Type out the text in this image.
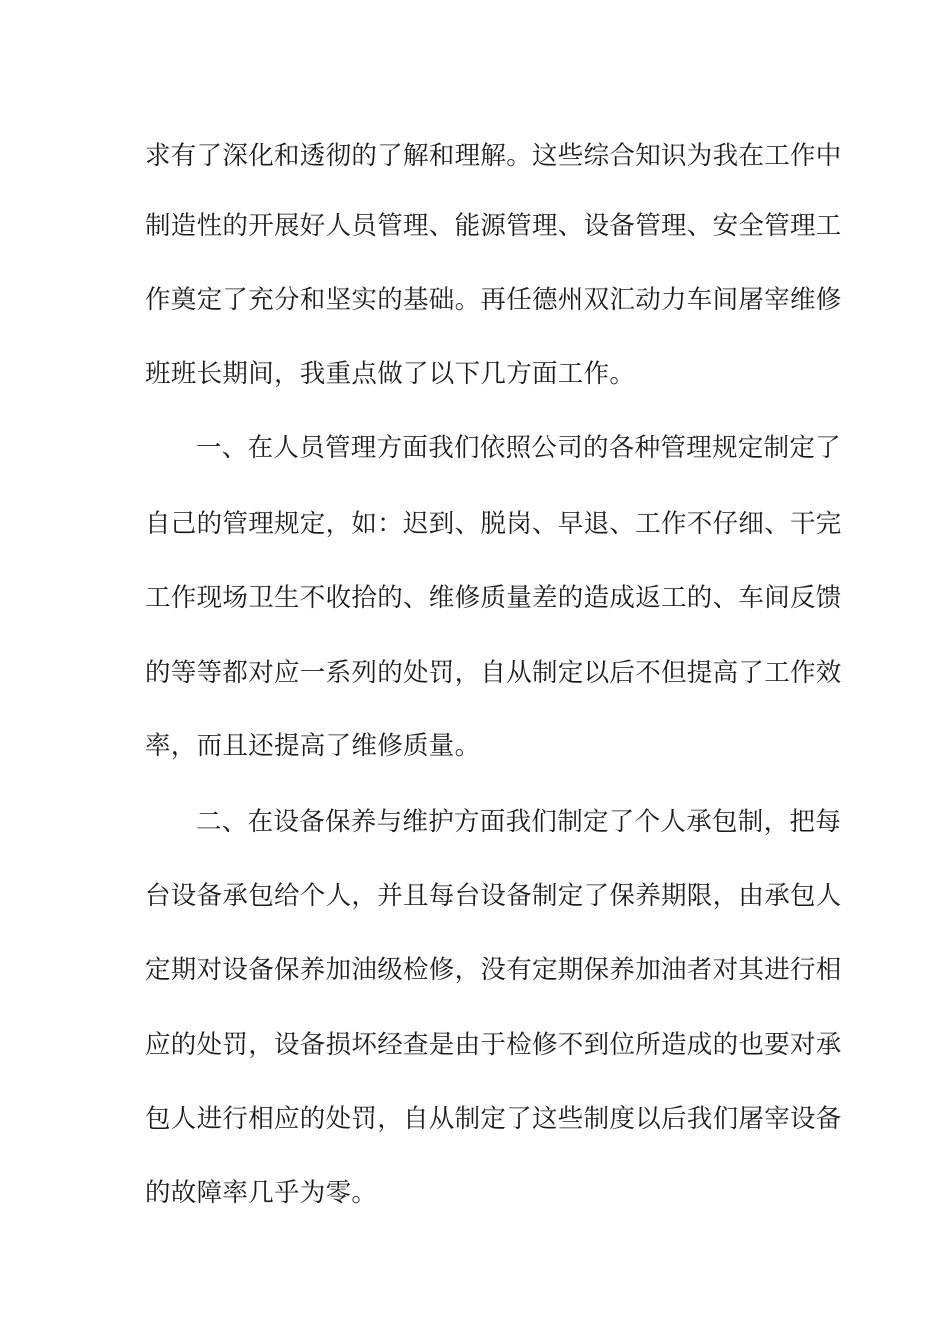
求有了深化和透彻的了解和理解。这些综合知识为我在工作中
制造性的开展好人员管理、能源管理、设备管理、安全管理工
作奠定了充分和坚实的基础。再任德州双汇动力车间屠宰维修
班班长期间，我重点做了以下几方面工作。
一、在人员管理方面我们依照公司的各种管理规定制定了
自己的管理规定，如：迟到、脱岗、早退、工作不仔细、干完
工作现场卫生不收拾的、维修质量差的造成返工的、车间反馈
的等等都对应一系列的处罚，自从制定以后不但提高了工作效
率，而且还提高了维修质量。
二、在设备保养与维护方面我们制定了个人承包制，把每
台设备承包给个人，并且每台设备制定了保养期限，由承包人
定期对设备保养加油级检修，没有定期保养加油者对其进行相
应的处罚，设备损坏经查是由于检修不到位所造成的也要对承
包人进行相应的处罚，自从制定了这些制度以后我们屠宰设备
的故障率几乎为零。
